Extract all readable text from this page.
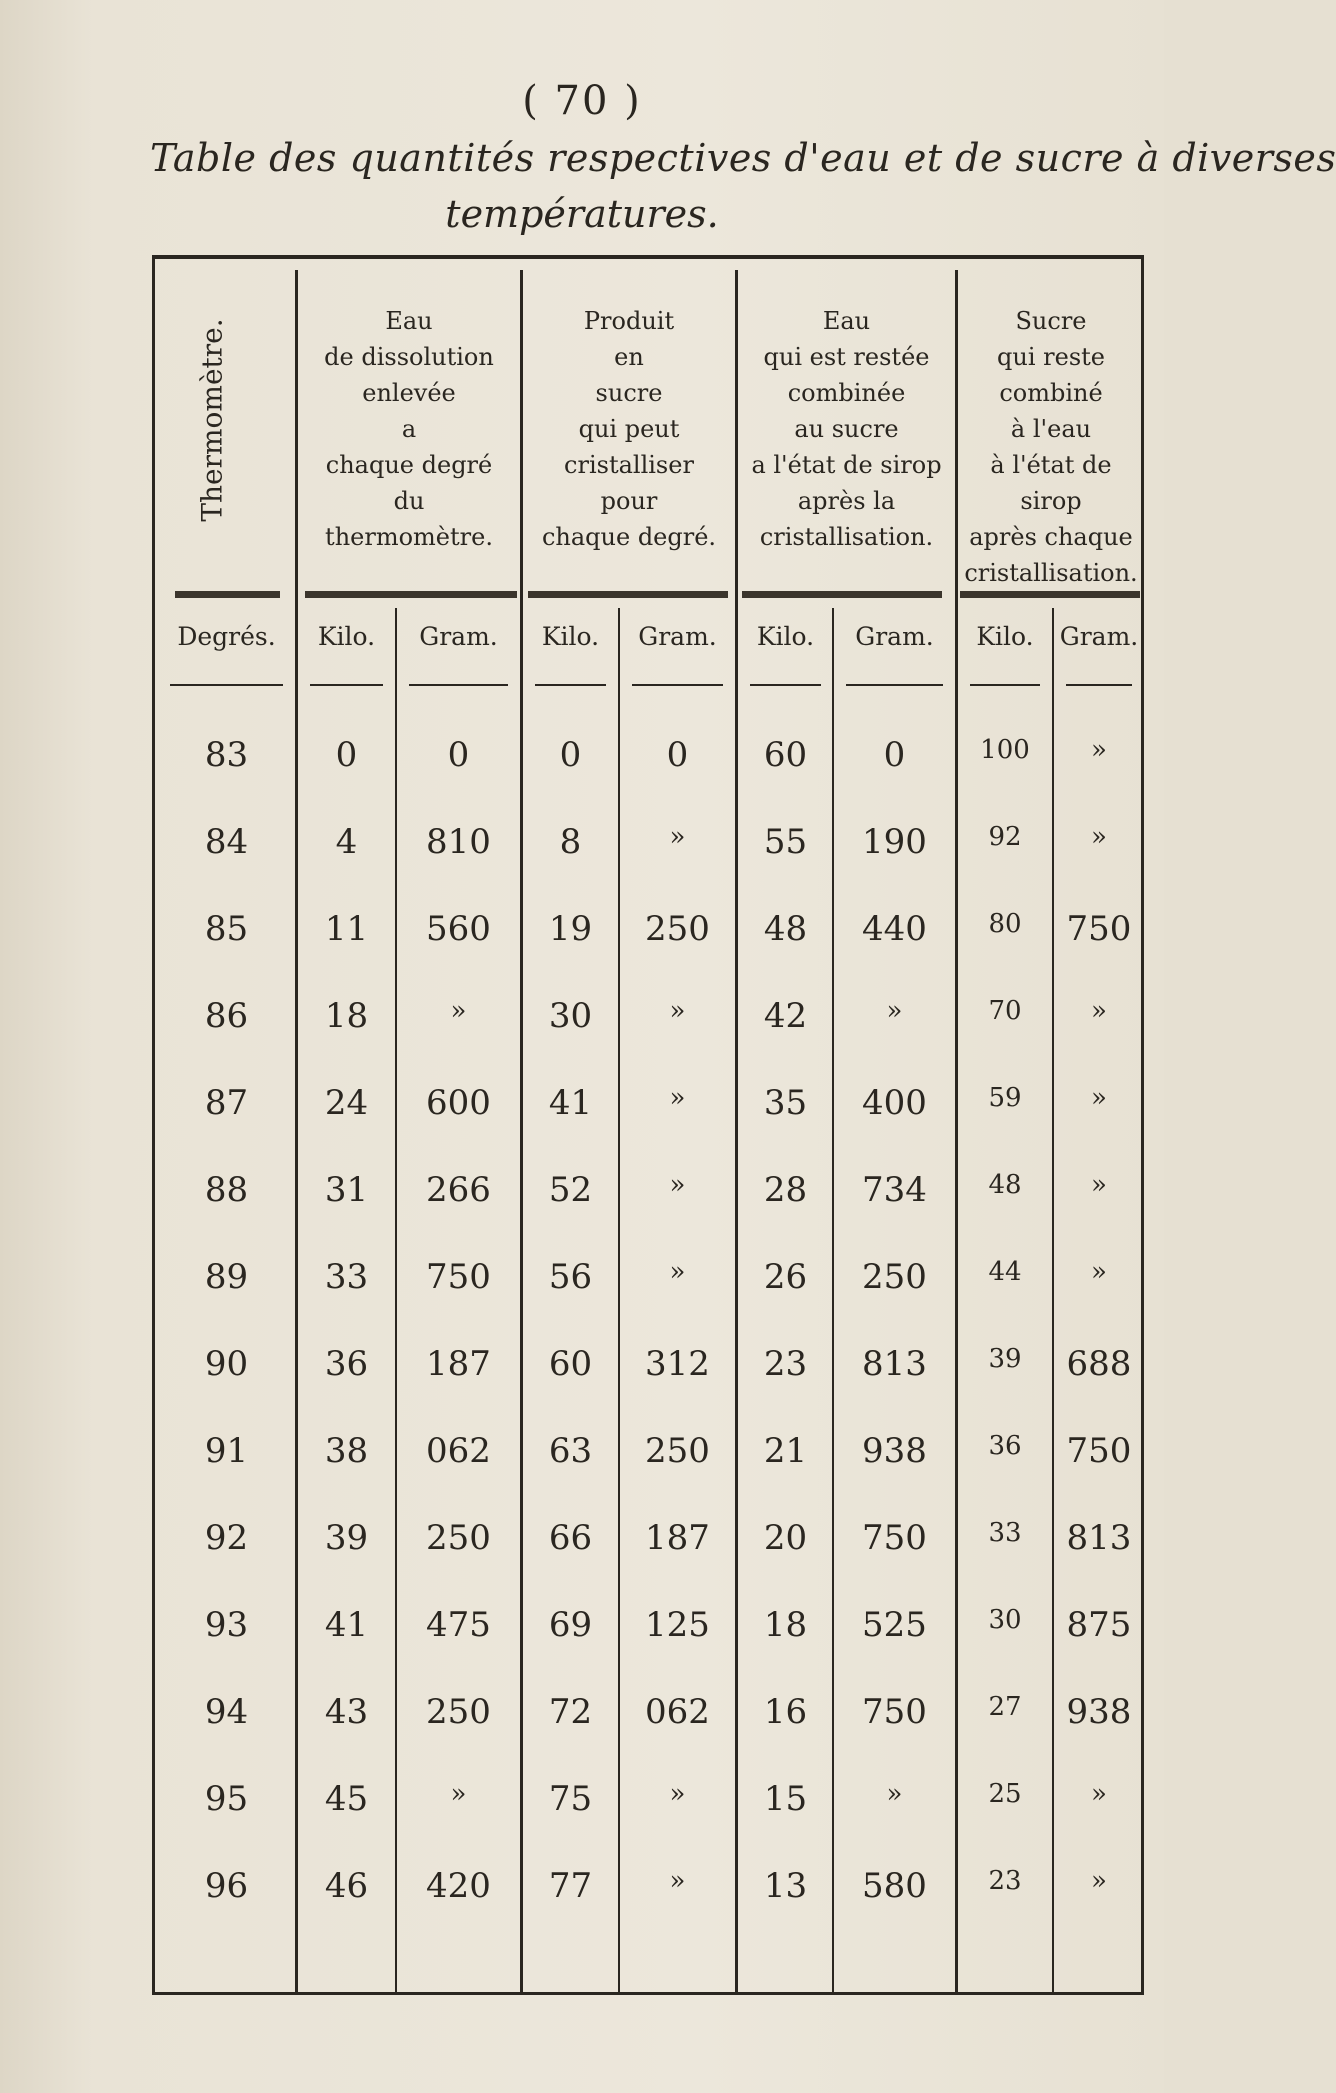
( 70 )
Table des quantités respectives d'eau et de sucre à diverses
températures.
Thermomètre.	Eau
de dissolution
enlevée
a
chaque degré
du
thermomètre.
Produit
en
sucre
qui peut
cristalliser
pour
chaque degré.
Eau
qui est restée
combinée
au sucre
a l'état de sirop
après la
cristallisation.
Sucre
qui reste
combiné
à l'eau
à l'état de sirop
après chaque
cristallisation.
Degrés.	Kilo.	Gram.	Kilo.	Gram.	Kilo.	Gram.	Kilo.	Gram.
83	0	0	0	0	60	0	100	»
84	4	810	8	»	55	190	92	»
85	11	560	19	250	48	440	80	750
86	18	»	30	»	42	»	70	»
87	24	600	41	»	35	400	59	»
88	31	266	52	»	28	734	48	»
89	33	750	56	»	26	250	44	»
90	36	187	60	312	23	813	39	688
91	38	062	63	250	21	938	36	750
92	39	250	66	187	20	750	33	813
93	41	475	69	125	18	525	30	875
94	43	250	72	062	16	750	27	938
95	45	»	75	»	15	»	25	»
96	46	420	77	»	13	580	23	»
